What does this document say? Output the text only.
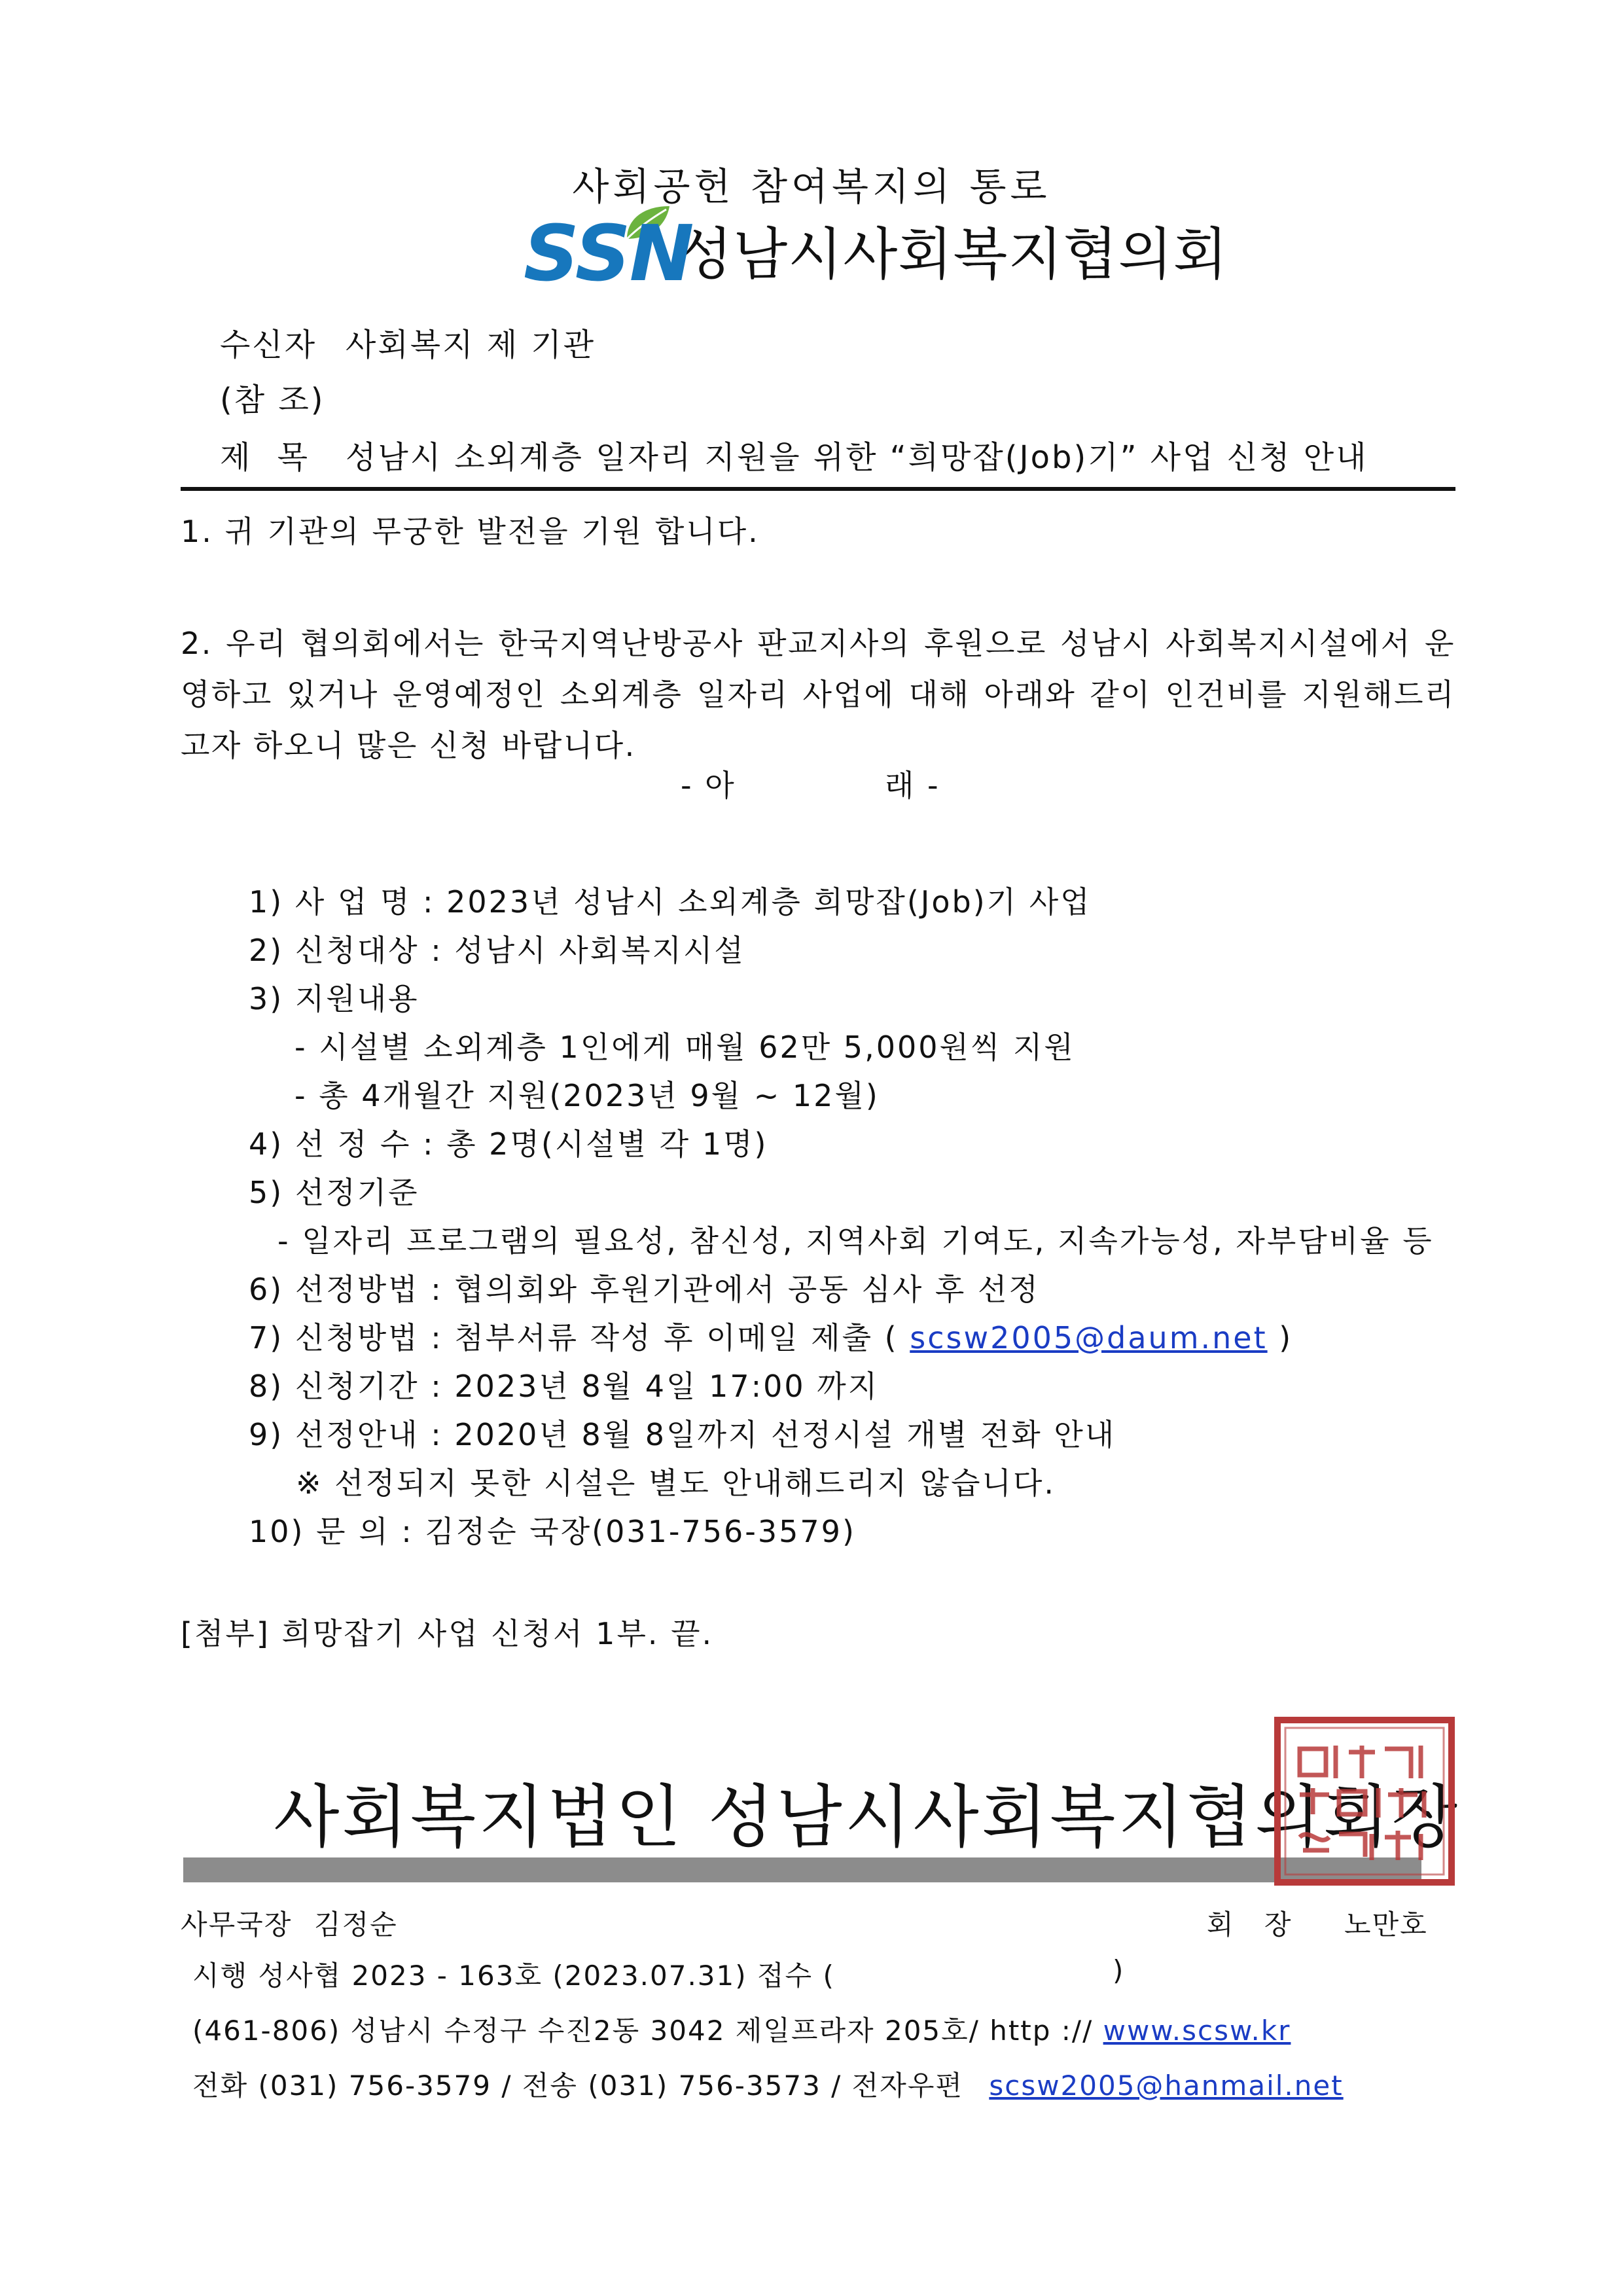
사회공헌 참여복지의 통로
SSN
성남시사회복지협의회
수신자 사회복지 제 기관
(참 조)
제 목 성남시 소외계층 일자리 지원을 위한 “희망잡(Job)기” 사업 신청 안내
1. 귀 기관의 무궁한 발전을 기원 합니다.
2. 우리 협의회에서는 한국지역난방공사 판교지사의 후원으로 성남시 사회복지시설에서 운영하고 있거나 운영예정인 소외계층 일자리 사업에 대해 아래와 같이 인건비를 지원해드리고자 하오니 많은 신청 바랍니다.
- 아	래 -
1) 사 업 명 : 2023년 성남시 소외계층 희망잡(Job)기 사업
2) 신청대상 : 성남시 사회복지시설
3) 지원내용
- 시설별 소외계층 1인에게 매월 62만 5,000원씩 지원
- 총 4개월간 지원(2023년 9월 ~ 12월)
4) 선 정 수 : 총 2명(시설별 각 1명)
5) 선정기준
- 일자리 프로그램의 필요성, 참신성, 지역사회 기여도, 지속가능성, 자부담비율 등
6) 선정방법 : 협의회와 후원기관에서 공동 심사 후 선정
7) 신청방법 : 첨부서류 작성 후 이메일 제출 ( scsw2005@daum.net )
8) 신청기간 : 2023년 8월 4일 17:00 까지
9) 선정안내 : 2020년 8월 8일까지 선정시설 개별 전화 안내
※ 선정되지 못한 시설은 별도 안내해드리지 않습니다.
10) 문 의 : 김정순 국장(031-756-3579)
[첨부] 희망잡기 사업 신청서 1부. 끝.
사회복지법인 성남시사회복지협의회장
사무국장 김정순	회 장 노만호
시행 성사협 2023 - 163호 (2023.07.31) 접수 (	)
(461-806) 성남시 수정구 수진2동 3042 제일프라자 205호/ http :// www.scsw.kr
전화 (031) 756-3579 / 전송 (031) 756-3573 / 전자우편 scsw2005@hanmail.net
